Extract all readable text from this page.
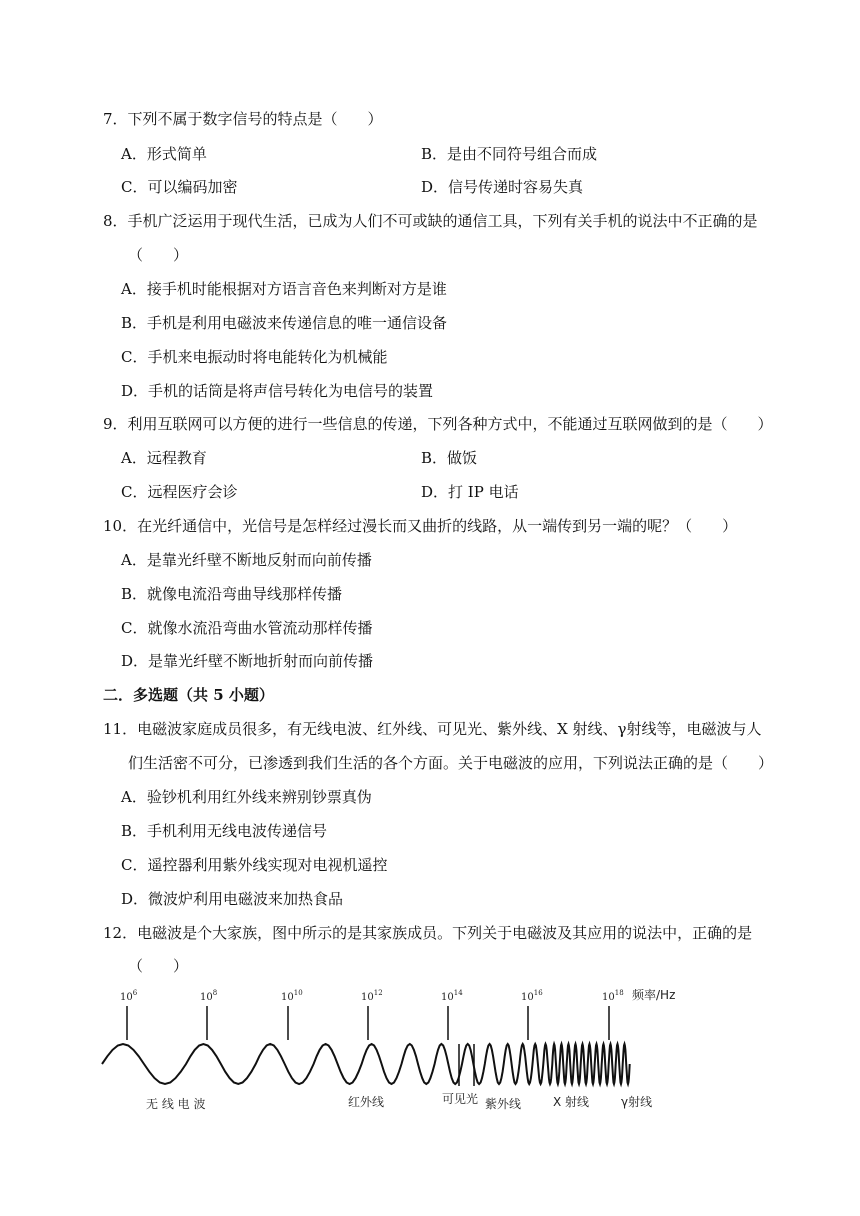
7．下列不属于数字信号的特点是（　　）
A．形式简单	B．是由不同符号组合而成
C．可以编码加密	D．信号传递时容易失真
8．手机广泛运用于现代生活，已成为人们不可或缺的通信工具，下列有关手机的说法中不正确的是
（　　）
A．接手机时能根据对方语言音色来判断对方是谁
B．手机是利用电磁波来传递信息的唯一通信设备
C．手机来电振动时将电能转化为机械能
D．手机的话筒是将声信号转化为电信号的装置
9．利用互联网可以方便的进行一些信息的传递，下列各种方式中，不能通过互联网做到的是（　　）
A．远程教育	B．做饭
C．远程医疗会诊	D．打 IP 电话
10．在光纤通信中，光信号是怎样经过漫长而又曲折的线路，从一端传到另一端的呢？（　　）
A．是靠光纤壁不断地反射而向前传播
B．就像电流沿弯曲导线那样传播
C．就像水流沿弯曲水管流动那样传播
D．是靠光纤壁不断地折射而向前传播
二．多选题（共 5 小题）
11．电磁波家庭成员很多，有无线电波、红外线、可见光、紫外线、X 射线、γ射线等，电磁波与人
们生活密不可分，已渗透到我们生活的各个方面。关于电磁波的应用，下列说法正确的是（　　）
A．验钞机利用红外线来辨别钞票真伪
B．手机利用无线电波传递信号
C．遥控器利用紫外线实现对电视机遥控
D．微波炉利用电磁波来加热食品
12．电磁波是个大家族，图中所示的是其家族成员。下列关于电磁波及其应用的说法中，正确的是
（　　）
$10^6$	$10^8$	$10^{10}$	$10^{12}$	$10^{14}$	$10^{16}$	$10^{18}$ 频率/Hz
无 线 电 波	红外线	可见光 紫外线	X 射线	γ射线
